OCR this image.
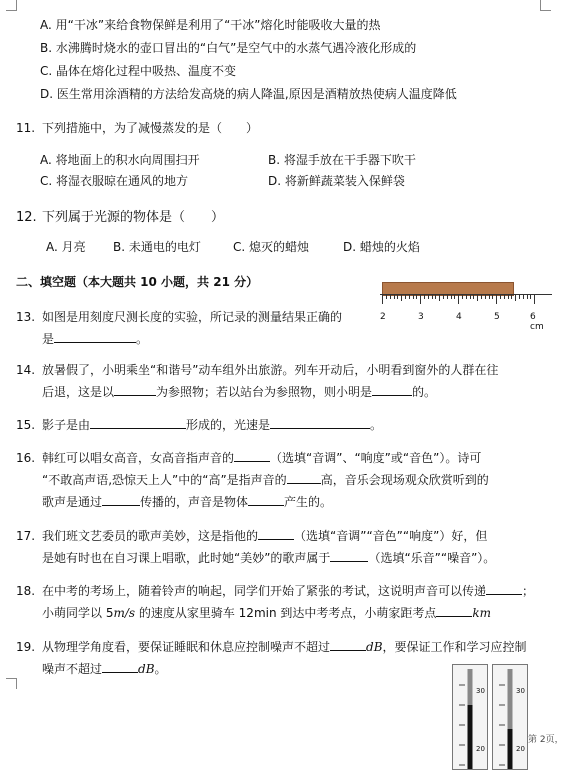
A. 用“干冰”来给食物保鲜是利用了“干冰”熔化时能吸收大量的热
B. 水沸腾时烧水的壶口冒出的“白气”是空气中的水蒸气遇冷液化形成的
C. 晶体在熔化过程中吸热、温度不变
D. 医生常用涂酒精的方法给发高烧的病人降温,原因是酒精放热使病人温度降低
11. 下列措施中，为了减慢蒸发的是（　　）
A. 将地面上的积水向周围扫开	B. 将湿手放在干手器下吹干
C. 将湿衣服晾在通风的地方	D. 将新鲜蔬菜装入保鲜袋
12. 下列属于光源的物体是（　　）
A. 月亮 B. 未通电的电灯	C. 熄灭的蜡烛	D. 蜡烛的火焰
二、填空题（本大题共 10 小题，共 21 分）
13. 如图是用刻度尺测长度的实验，所记录的测量结果正确的
是	。
2	3	4	5	6 cm
14. 放暑假了，小明乘坐“和谐号”动车组外出旅游。列车开动后，小明看到窗外的人群在往
后退，这是以	为参照物；若以站台为参照物，则小明是	的。
15. 影子是由	形成的，光速是	。
16. 韩红可以唱女高音，女高音指声音的	（选填“音调”、“响度”或“音色”）。诗可
“不敢高声语,恐惊天上人”中的“高”是指声音的	高，音乐会现场观众欣赏听到的
歌声是通过	传播的，声音是物体	产生的。
17. 我们班文艺委员的歌声美妙，这是指他的	（选填“音调”“音色”“响度”）好，但
是她有时也在自习课上唱歌，此时她“美妙”的歌声属于	（选填“乐音”“噪音”）。
18. 在中考的考场上，随着铃声的响起，同学们开始了紧张的考试，这说明声音可以传递	；
小萌同学以 5m/s 的速度从家里骑车 12min 到达中考考点，小萌家距考点	km
19. 从物理学角度看，要保证睡眠和休息应控制噪声不超过	dB，要保证工作和学习应控制
噪声不超过	dB。
30
20
30
20
第 2页，
